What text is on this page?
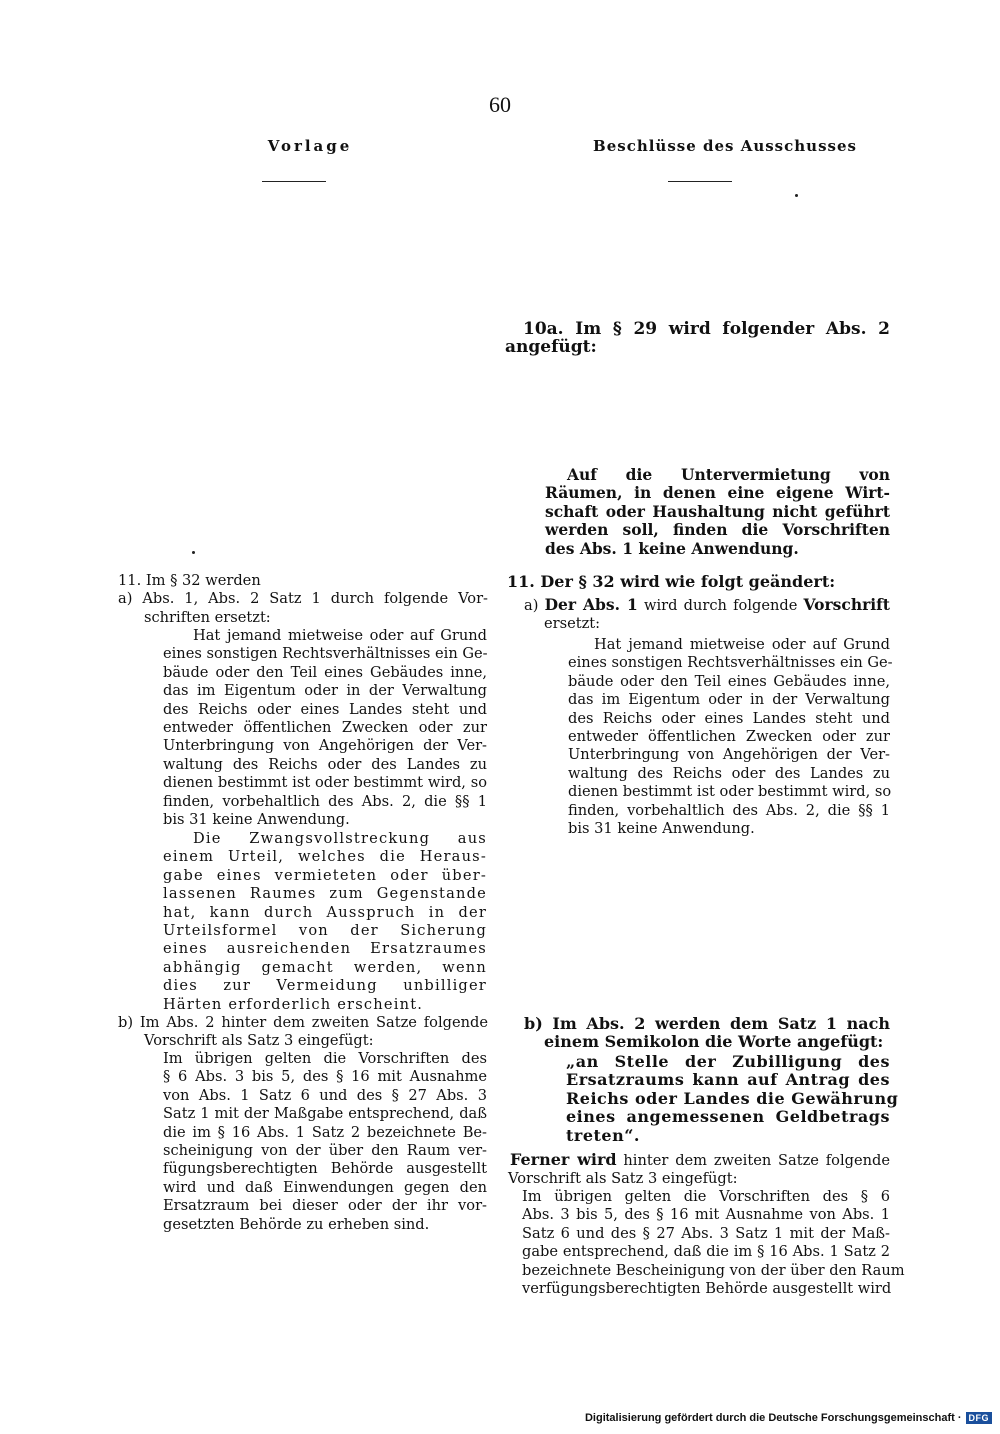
60
Vorlage	Beschlüsse des Ausschusses
10a. Im § 29 wird folgender Abs. 2
angefügt:
Auf die Untervermietung von
Räumen, in denen eine eigene Wirt-
schaft oder Haushaltung nicht geführt
werden soll, finden die Vorschriften
des Abs. 1 keine Anwendung.
11. Im § 32 werden
a) Abs. 1, Abs. 2 Satz 1 durch folgende Vor-
schriften ersetzt:
Hat jemand mietweise oder auf Grund
eines sonstigen Rechtsverhältnisses ein Ge-
bäude oder den Teil eines Gebäudes inne,
das im Eigentum oder in der Verwaltung
des Reichs oder eines Landes steht und
entweder öffentlichen Zwecken oder zur
Unterbringung von Angehörigen der Ver-
waltung des Reichs oder des Landes zu
dienen bestimmt ist oder bestimmt wird, so
finden, vorbehaltlich des Abs. 2, die §§ 1
bis 31 keine Anwendung.
Die Zwangsvollstreckung aus
einem Urteil, welches die Heraus-
gabe eines vermieteten oder über-
lassenen Raumes zum Gegenstande
hat, kann durch Ausspruch in der
Urteilsformel von der Sicherung
eines ausreichenden Ersatzraumes
abhängig gemacht werden, wenn
dies zur Vermeidung unbilliger
Härten erforderlich erscheint.
b) Im Abs. 2 hinter dem zweiten Satze folgende
Vorschrift als Satz 3 eingefügt:
Im übrigen gelten die Vorschriften des
§ 6 Abs. 3 bis 5, des § 16 mit Ausnahme
von Abs. 1 Satz 6 und des § 27 Abs. 3
Satz 1 mit der Maßgabe entsprechend, daß
die im § 16 Abs. 1 Satz 2 bezeichnete Be-
scheinigung von der über den Raum ver-
fügungsberechtigten Behörde ausgestellt
wird und daß Einwendungen gegen den
Ersatzraum bei dieser oder der ihr vor-
gesetzten Behörde zu erheben sind.
11. Der § 32 wird wie folgt geändert:
a) Der Abs. 1 wird durch folgende Vorschrift
ersetzt:
Hat jemand mietweise oder auf Grund
eines sonstigen Rechtsverhältnisses ein Ge-
bäude oder den Teil eines Gebäudes inne,
das im Eigentum oder in der Verwaltung
des Reichs oder eines Landes steht und
entweder öffentlichen Zwecken oder zur
Unterbringung von Angehörigen der Ver-
waltung des Reichs oder des Landes zu
dienen bestimmt ist oder bestimmt wird, so
finden, vorbehaltlich des Abs. 2, die §§ 1
bis 31 keine Anwendung.
b) Im Abs. 2 werden dem Satz 1 nach
einem Semikolon die Worte angefügt:
„an Stelle der Zubilligung des
Ersatzraums kann auf Antrag des
Reichs oder Landes die Gewährung
eines angemessenen Geldbetrags
treten“.
Ferner wird hinter dem zweiten Satze folgende
Vorschrift als Satz 3 eingefügt:
Im übrigen gelten die Vorschriften des § 6
Abs. 3 bis 5, des § 16 mit Ausnahme von Abs. 1
Satz 6 und des § 27 Abs. 3 Satz 1 mit der Maß-
gabe entsprechend, daß die im § 16 Abs. 1 Satz 2
bezeichnete Bescheinigung von der über den Raum
verfügungsberechtigten Behörde ausgestellt wird
Digitalisierung gefördert durch die Deutsche Forschungsgemeinschaft · DFG
